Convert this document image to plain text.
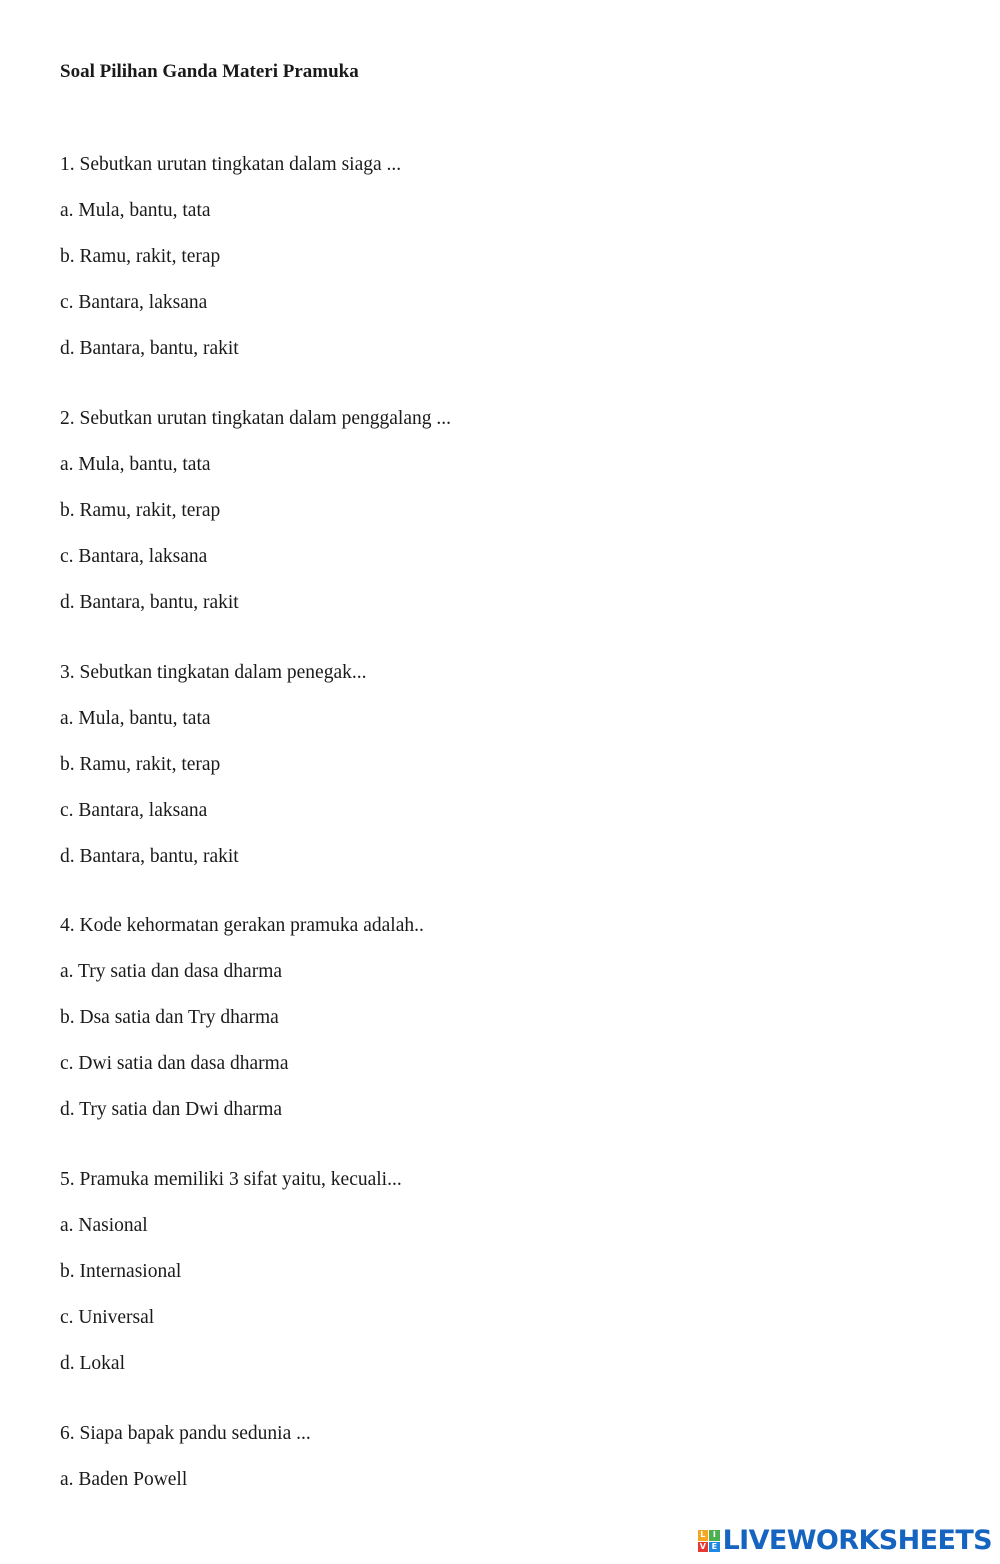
Soal Pilihan Ganda Materi Pramuka
1. Sebutkan urutan tingkatan dalam siaga ...
a. Mula, bantu, tata
b. Ramu, rakit, terap
c. Bantara, laksana
d. Bantara, bantu, rakit
2. Sebutkan urutan tingkatan dalam penggalang ...
a. Mula, bantu, tata
b. Ramu, rakit, terap
c. Bantara, laksana
d. Bantara, bantu, rakit
3. Sebutkan tingkatan dalam penegak...
a. Mula, bantu, tata
b. Ramu, rakit, terap
c. Bantara, laksana
d. Bantara, bantu, rakit
4. Kode kehormatan gerakan pramuka adalah..
a. Try satia dan dasa dharma
b. Dsa satia dan Try dharma
c. Dwi satia dan dasa dharma
d. Try satia dan Dwi dharma
5. Pramuka memiliki 3 sifat yaitu, kecuali...
a. Nasional
b. Internasional
c. Universal
d. Lokal
6. Siapa bapak pandu sedunia ...
a. Baden Powell
L I
V E LIVEWORKSHEETS
